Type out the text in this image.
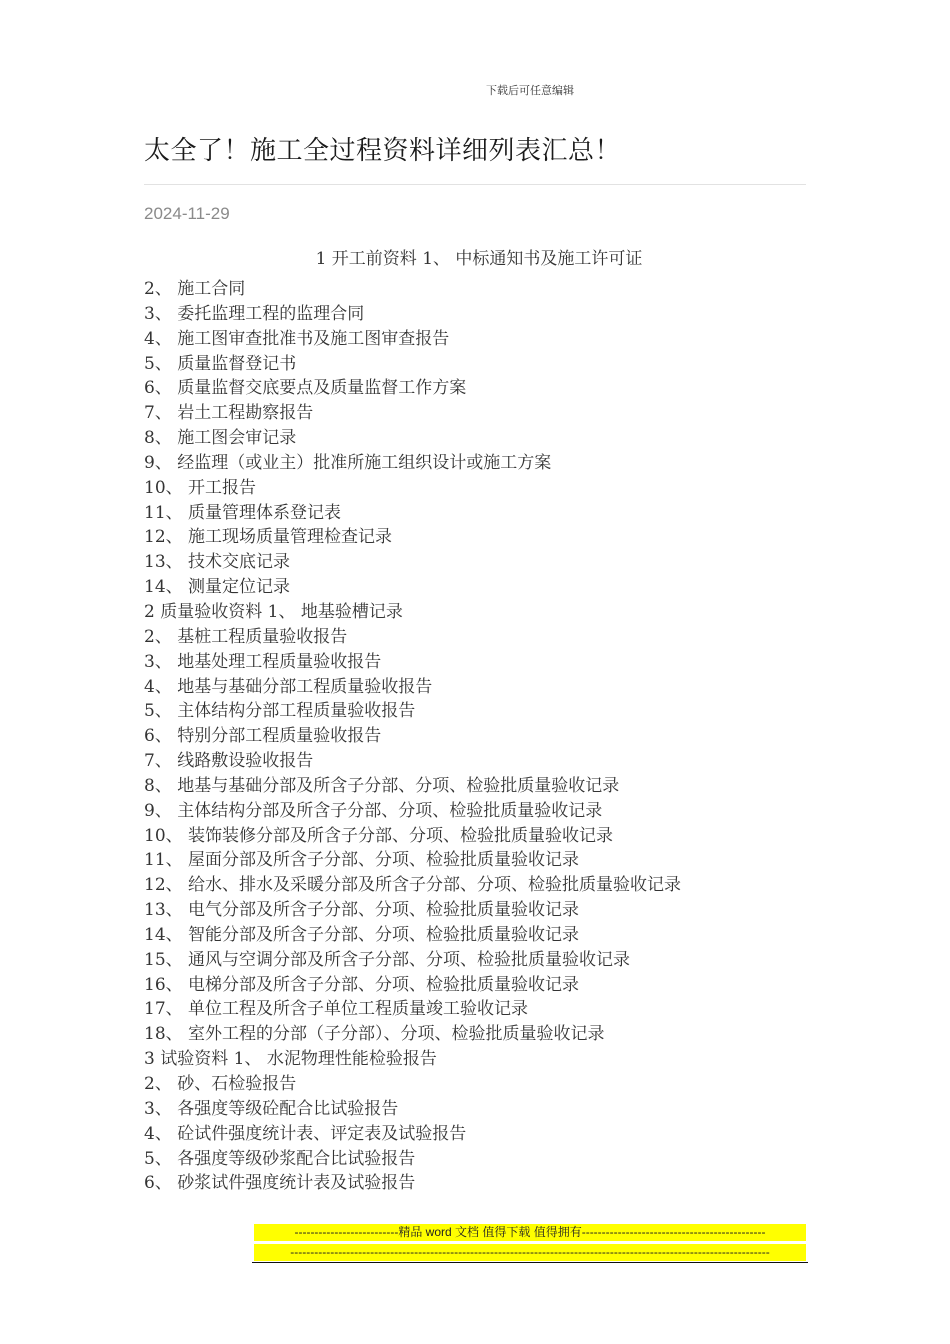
下载后可任意编辑
太全了！施工全过程资料详细列表汇总！
2024-11-29
1 开工前资料 1、 中标通知书及施工许可证
2、 施工合同
3、 委托监理工程的监理合同
4、 施工图审查批准书及施工图审查报告
5、 质量监督登记书
6、 质量监督交底要点及质量监督工作方案
7、 岩土工程勘察报告
8、 施工图会审记录
9、 经监理（或业主）批准所施工组织设计或施工方案
10、 开工报告
11、 质量管理体系登记表
12、 施工现场质量管理检查记录
13、 技术交底记录
14、 测量定位记录
2 质量验收资料 1、 地基验槽记录
2、 基桩工程质量验收报告
3、 地基处理工程质量验收报告
4、 地基与基础分部工程质量验收报告
5、 主体结构分部工程质量验收报告
6、 特别分部工程质量验收报告
7、 线路敷设验收报告
8、 地基与基础分部及所含子分部、分项、检验批质量验收记录
9、 主体结构分部及所含子分部、分项、检验批质量验收记录
10、 装饰装修分部及所含子分部、分项、检验批质量验收记录
11、 屋面分部及所含子分部、分项、检验批质量验收记录
12、 给水、排水及采暖分部及所含子分部、分项、检验批质量验收记录
13、 电气分部及所含子分部、分项、检验批质量验收记录
14、 智能分部及所含子分部、分项、检验批质量验收记录
15、 通风与空调分部及所含子分部、分项、检验批质量验收记录
16、 电梯分部及所含子分部、分项、检验批质量验收记录
17、 单位工程及所含子单位工程质量竣工验收记录
18、 室外工程的分部（子分部）、分项、检验批质量验收记录
3 试验资料 1、 水泥物理性能检验报告
2、 砂、石检验报告
3、 各强度等级砼配合比试验报告
4、 砼试件强度统计表、评定表及试验报告
5、 各强度等级砂浆配合比试验报告
6、 砂浆试件强度统计表及试验报告
--------------------------精品 word 文档 值得下载 值得拥有----------------------------------------------
------------------------------------------------------------------------------------------------------------------------
